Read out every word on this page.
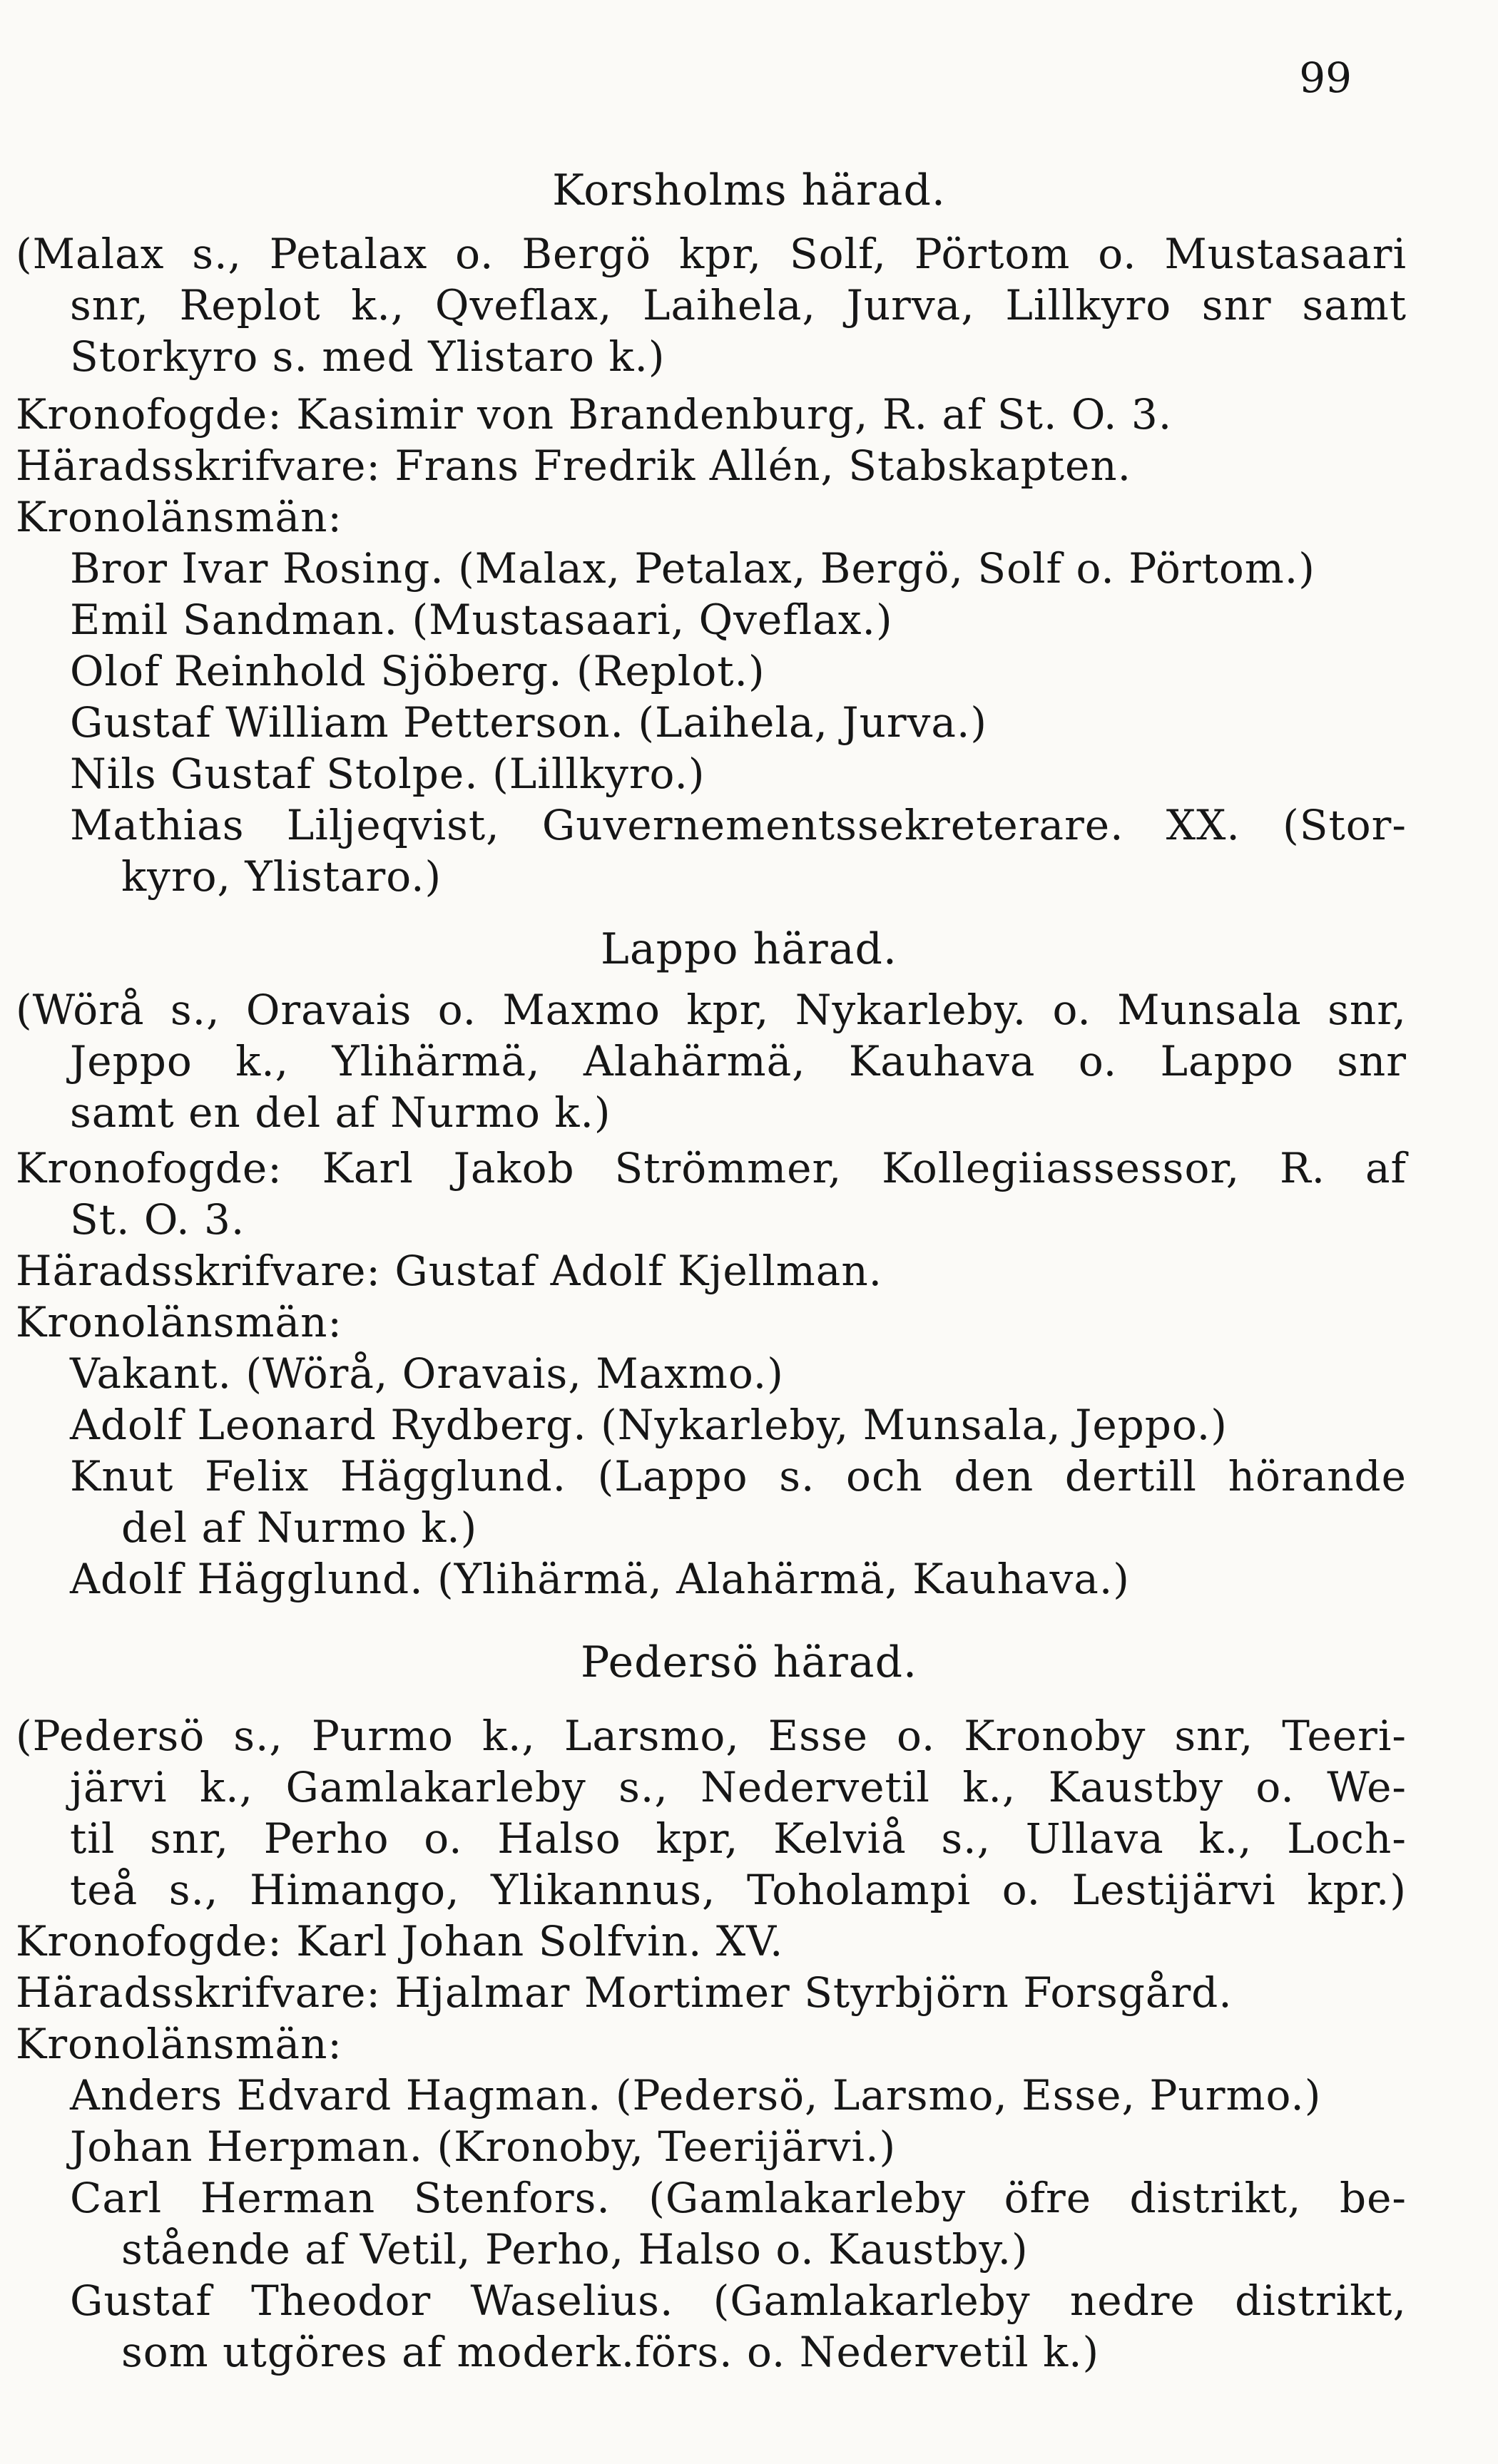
99
Korsholms härad.
(Malax s., Petalax o. Bergö kpr, Solf, Pörtom o. Mustasaari
snr, Replot k., Qveflax, Laihela, Jurva, Lillkyro snr samt
Storkyro s. med Ylistaro k.)
Kronofogde: Kasimir von Brandenburg, R. af St. O. 3.
Häradsskrifvare: Frans Fredrik Allén, Stabskapten.
Kronolänsmän:
Bror Ivar Rosing. (Malax, Petalax, Bergö, Solf o. Pörtom.)
Emil Sandman. (Mustasaari, Qveflax.)
Olof Reinhold Sjöberg. (Replot.)
Gustaf William Petterson. (Laihela, Jurva.)
Nils Gustaf Stolpe. (Lillkyro.)
Mathias Liljeqvist, Guvernementssekreterare. XX. (Stor-
kyro, Ylistaro.)
Lappo härad.
(Wörå s., Oravais o. Maxmo kpr, Nykarleby. o. Munsala snr,
Jeppo k., Ylihärmä, Alahärmä, Kauhava o. Lappo snr
samt en del af Nurmo k.)
Kronofogde: Karl Jakob Strömmer, Kollegiiassessor, R. af
St. O. 3.
Häradsskrifvare: Gustaf Adolf Kjellman.
Kronolänsmän:
Vakant. (Wörå, Oravais, Maxmo.)
Adolf Leonard Rydberg. (Nykarleby, Munsala, Jeppo.)
Knut Felix Hägglund. (Lappo s. och den dertill hörande
del af Nurmo k.)
Adolf Hägglund. (Ylihärmä, Alahärmä, Kauhava.)
Pedersö härad.
(Pedersö s., Purmo k., Larsmo, Esse o. Kronoby snr, Teeri-
järvi k., Gamlakarleby s., Nedervetil k., Kaustby o. We-
til snr, Perho o. Halso kpr, Kelviå s., Ullava k., Loch-
teå s., Himango, Ylikannus, Toholampi o. Lestijärvi kpr.)
Kronofogde: Karl Johan Solfvin. XV.
Häradsskrifvare: Hjalmar Mortimer Styrbjörn Forsgård.
Kronolänsmän:
Anders Edvard Hagman. (Pedersö, Larsmo, Esse, Purmo.)
Johan Herpman. (Kronoby, Teerijärvi.)
Carl Herman Stenfors. (Gamlakarleby öfre distrikt, be-
stående af Vetil, Perho, Halso o. Kaustby.)
Gustaf Theodor Waselius. (Gamlakarleby nedre distrikt,
som utgöres af moderk.förs. o. Nedervetil k.)
